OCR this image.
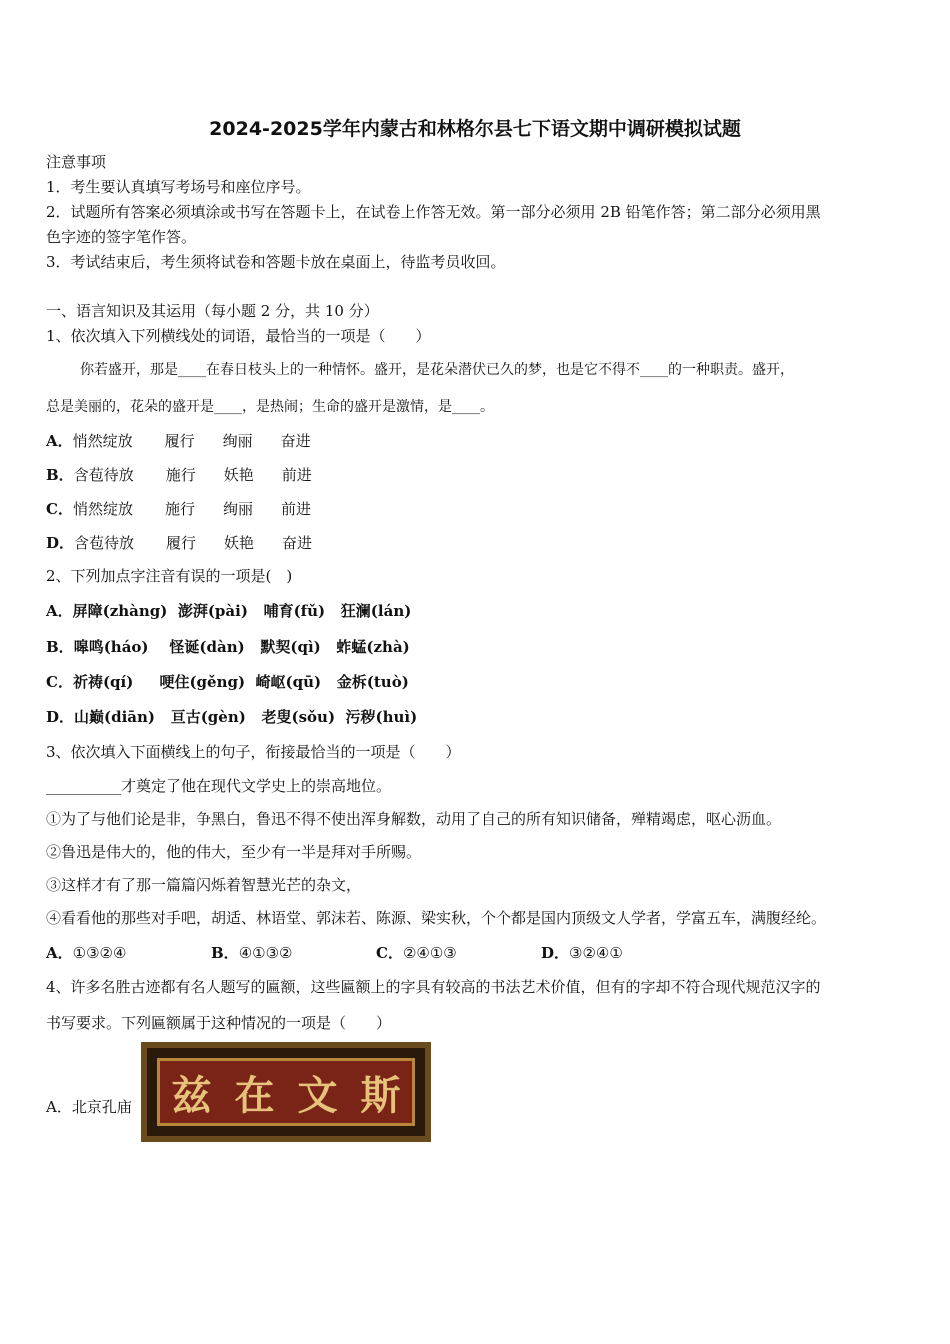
2024-2025学年内蒙古和林格尔县七下语文期中调研模拟试题
注意事项
1．考生要认真填写考场号和座位序号。
2．试题所有答案必须填涂或书写在答题卡上，在试卷上作答无效。第一部分必须用 2B 铅笔作答；第二部分必须用黑
色字迹的签字笔作答。
3．考试结束后，考生须将试卷和答题卡放在桌面上，待监考员收回。
一、语言知识及其运用（每小题 2 分，共 10 分）
1、依次填入下列横线处的词语，最恰当的一项是（　　）
你若盛开，那是____在春日枝头上的一种情怀。盛开，是花朵潜伏已久的梦，也是它不得不____的一种职责。盛开，
总是美丽的，花朵的盛开是____，是热闹；生命的盛开是激情，是____。
A．悄然绽放 履行 绚丽 奋进
B．含苞待放 施行 妖艳 前进
C．悄然绽放 施行 绚丽 前进
D．含苞待放 履行 妖艳 奋进
2、下列加点字注音有误的一项是(　)
A．屏障(zhàng)  澎湃(pài)   哺育(fǔ)   狂澜(lán)
B．嗥鸣(háo)    怪诞(dàn)   默契(qì)   蚱蜢(zhà)
C．祈祷(qí)     哽住(gěng)  崎岖(qū)   金柝(tuò)
D．山巅(diān)   亘古(gèn)   老叟(sǒu)  污秽(huì)
3、依次填入下面横线上的句子，衔接最恰当的一项是（　　）
__________才奠定了他在现代文学史上的崇高地位。
①为了与他们论是非，争黑白，鲁迅不得不使出浑身解数，动用了自己的所有知识储备，殚精竭虑，呕心沥血。
②鲁迅是伟大的，他的伟大，至少有一半是拜对手所赐。
③这样才有了那一篇篇闪烁着智慧光芒的杂文，
④看看他的那些对手吧，胡适、林语堂、郭沫若、陈源、梁实秋，个个都是国内顶级文人学者，学富五车，满腹经纶。
A．①③②④	B．④①③②	C．②④①③	D．③②④①
4、许多名胜古迹都有名人题写的匾额，这些匾额上的字具有较高的书法艺术价值，但有的字却不符合现代规范汉字的
书写要求。下列匾额属于这种情况的一项是（　　）
A．北京孔庙 兹 在 文 斯
